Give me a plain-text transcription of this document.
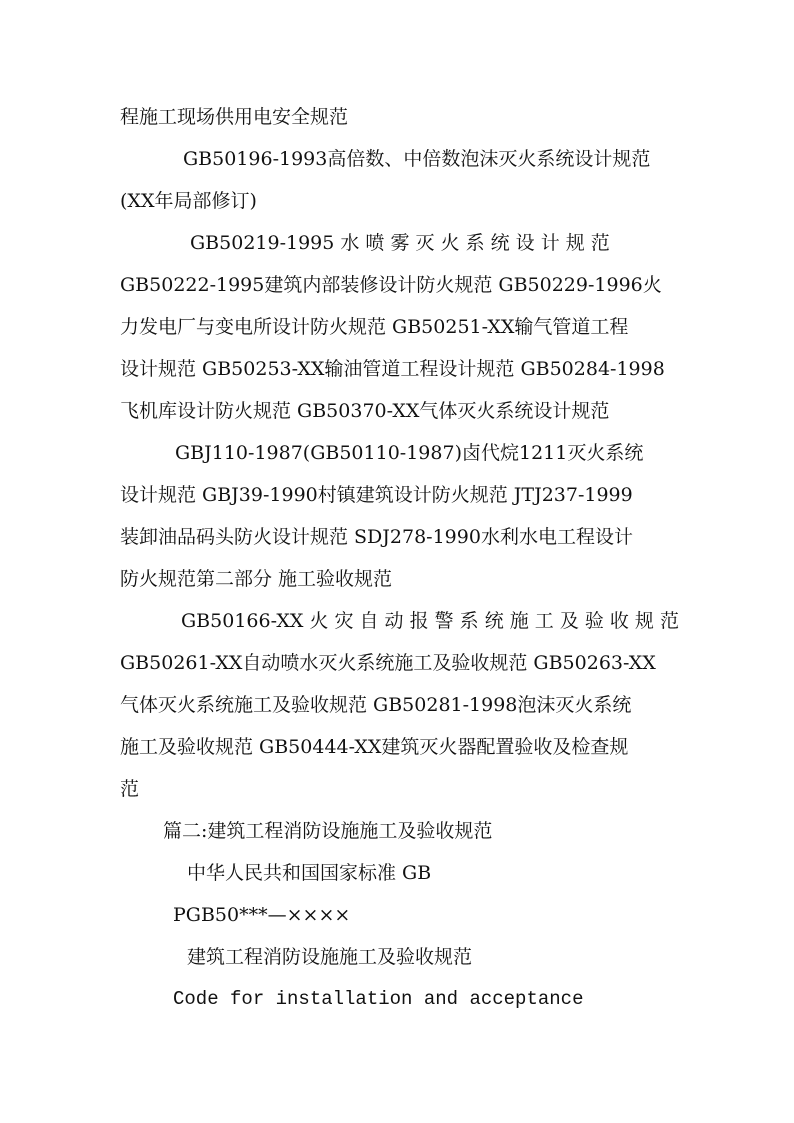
程施工现场供用电安全规范
GB50196-1993高倍数、中倍数泡沫灭火系统设计规范
(XX年局部修订)
GB50219-1995 水 喷 雾 灭 火 系 统 设 计 规 范
GB50222-1995建筑内部装修设计防火规范 GB50229-1996火
力发电厂与变电所设计防火规范 GB50251-XX输气管道工程
设计规范 GB50253-XX输油管道工程设计规范 GB50284-1998
飞机库设计防火规范 GB50370-XX气体灭火系统设计规范
GBJ110-1987(GB50110-1987)卤代烷1211灭火系统
设计规范 GBJ39-1990村镇建筑设计防火规范 JTJ237-1999
装卸油品码头防火设计规范 SDJ278-1990水利水电工程设计
防火规范第二部分 施工验收规范
GB50166-XX 火 灾 自 动 报 警 系 统 施 工 及 验 收 规 范
GB50261-XX自动喷水灭火系统施工及验收规范 GB50263-XX
气体灭火系统施工及验收规范 GB50281-1998泡沫灭火系统
施工及验收规范 GB50444-XX建筑灭火器配置验收及检查规
范
篇二:建筑工程消防设施施工及验收规范
中华人民共和国国家标准 GB
PGB50***—××××
建筑工程消防设施施工及验收规范
Code for installation and acceptance
